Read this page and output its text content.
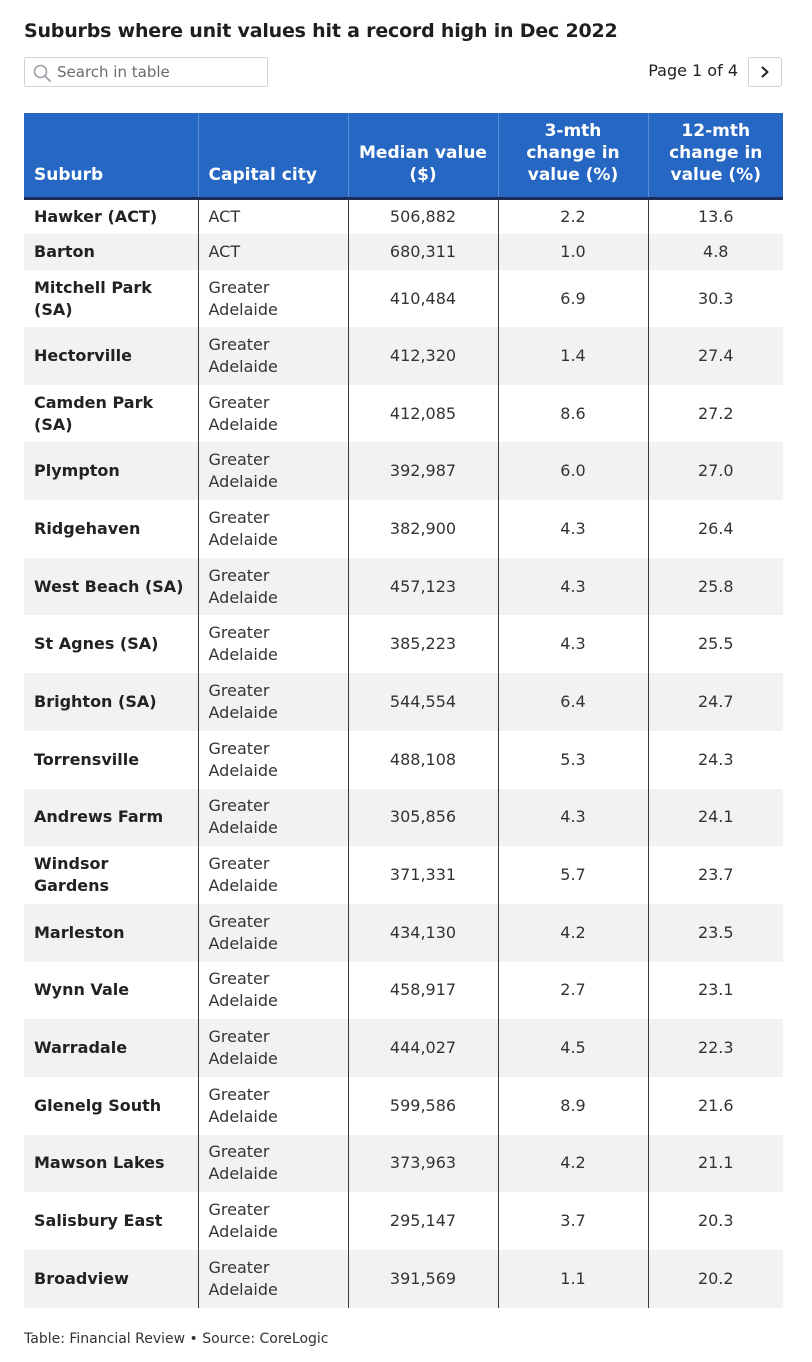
Suburbs where unit values hit a record high in Dec 2022
Search in table
Page 1 of 4
Suburb	Capital city	Median value ($)	3-mth change in value (%)	12-mth change in value (%)
Hawker (ACT)	ACT	506,882	2.2	13.6
Barton	ACT	680,311	1.0	4.8
Mitchell Park (SA)	Greater Adelaide	410,484	6.9	30.3
Hectorville	Greater Adelaide	412,320	1.4	27.4
Camden Park (SA)	Greater Adelaide	412,085	8.6	27.2
Plympton	Greater Adelaide	392,987	6.0	27.0
Ridgehaven	Greater Adelaide	382,900	4.3	26.4
West Beach (SA)	Greater Adelaide	457,123	4.3	25.8
St Agnes (SA)	Greater Adelaide	385,223	4.3	25.5
Brighton (SA)	Greater Adelaide	544,554	6.4	24.7
Torrensville	Greater Adelaide	488,108	5.3	24.3
Andrews Farm	Greater Adelaide	305,856	4.3	24.1
Windsor Gardens	Greater Adelaide	371,331	5.7	23.7
Marleston	Greater Adelaide	434,130	4.2	23.5
Wynn Vale	Greater Adelaide	458,917	2.7	23.1
Warradale	Greater Adelaide	444,027	4.5	22.3
Glenelg South	Greater Adelaide	599,586	8.9	21.6
Mawson Lakes	Greater Adelaide	373,963	4.2	21.1
Salisbury East	Greater Adelaide	295,147	3.7	20.3
Broadview	Greater Adelaide	391,569	1.1	20.2
Table: Financial Review • Source: CoreLogic
